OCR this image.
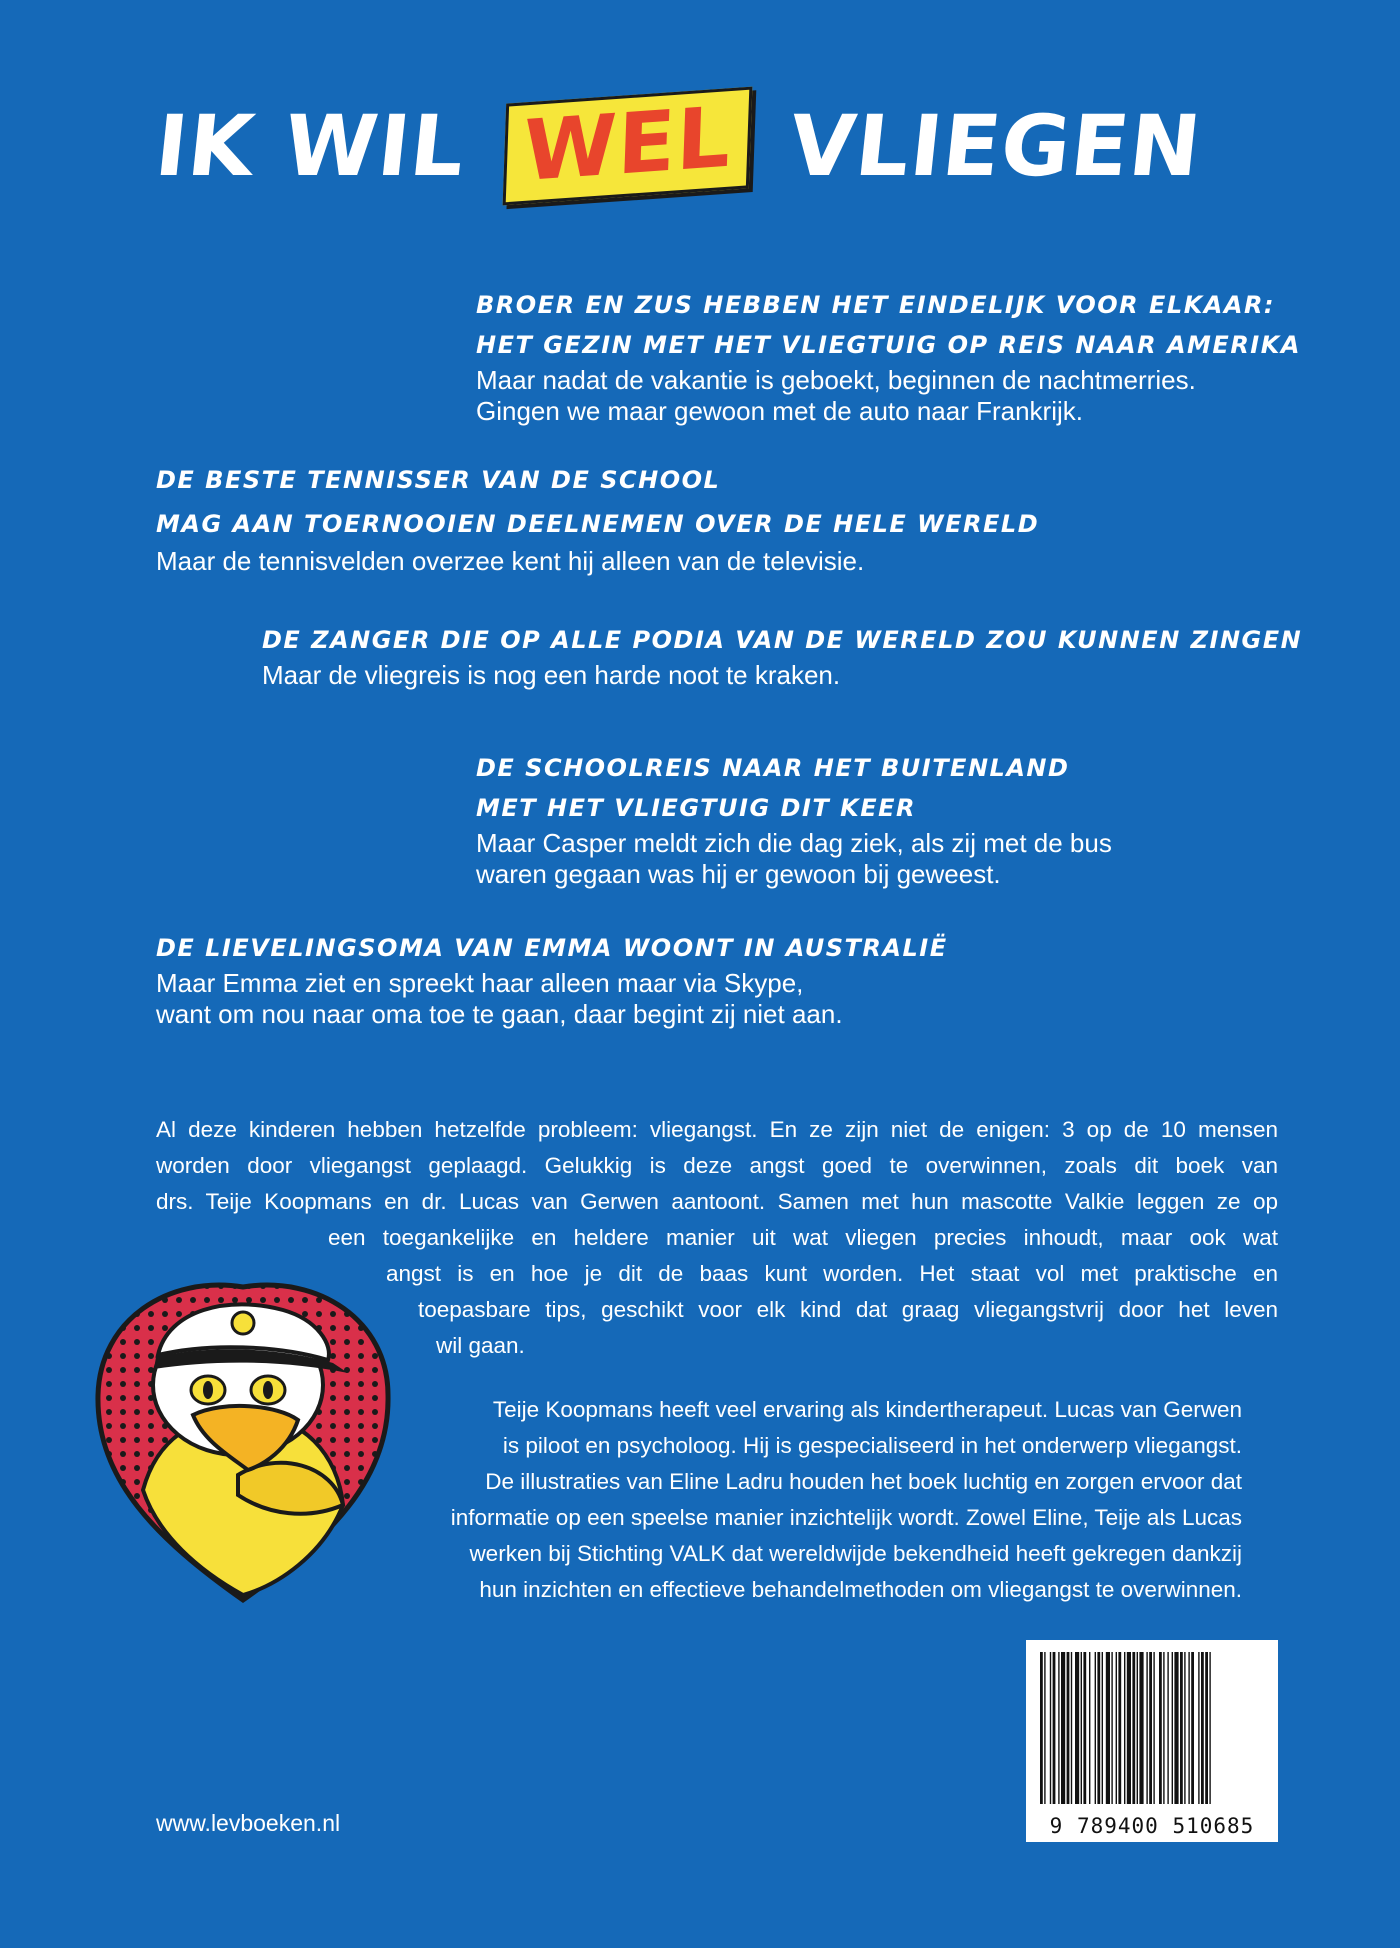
IK WIL WEL VLIEGEN
BROER EN ZUS HEBBEN HET EINDELIJK VOOR ELKAAR:
HET GEZIN MET HET VLIEGTUIG OP REIS NAAR AMERIKA
Maar nadat de vakantie is geboekt, beginnen de nachtmerries.
Gingen we maar gewoon met de auto naar Frankrijk.
DE BESTE TENNISSER VAN DE SCHOOL
MAG AAN TOERNOOIEN DEELNEMEN OVER DE HELE WERELD
Maar de tennisvelden overzee kent hij alleen van de televisie.
DE ZANGER DIE OP ALLE PODIA VAN DE WERELD ZOU KUNNEN ZINGEN
Maar de vliegreis is nog een harde noot te kraken.
DE SCHOOLREIS NAAR HET BUITENLAND
MET HET VLIEGTUIG DIT KEER
Maar Casper meldt zich die dag ziek, als zij met de bus
waren gegaan was hij er gewoon bij geweest.
DE LIEVELINGSOMA VAN EMMA WOONT IN AUSTRALIË
Maar Emma ziet en spreekt haar alleen maar via Skype,
want om nou naar oma toe te gaan, daar begint zij niet aan.
Al deze kinderen hebben hetzelfde probleem: vliegangst. En ze zijn niet de enigen: 3 op de 10 mensen
worden door vliegangst geplaagd. Gelukkig is deze angst goed te overwinnen, zoals dit boek van
drs. Teije Koopmans en dr. Lucas van Gerwen aantoont. Samen met hun mascotte Valkie leggen ze op
een toegankelijke en heldere manier uit wat vliegen precies inhoudt, maar ook wat
angst is en hoe je dit de baas kunt worden. Het staat vol met praktische en
toepasbare tips, geschikt voor elk kind dat graag vliegangstvrij door het leven
wil gaan.
Teije Koopmans heeft veel ervaring als kindertherapeut. Lucas van Gerwen
is piloot en psycholoog. Hij is gespecialiseerd in het onderwerp vliegangst.
De illustraties van Eline Ladru houden het boek luchtig en zorgen ervoor dat
informatie op een speelse manier inzichtelijk wordt. Zowel Eline, Teije als Lucas
werken bij Stichting VALK dat wereldwijde bekendheid heeft gekregen dankzij
hun inzichten en effectieve behandelmethoden om vliegangst te overwinnen.
www.levboeken.nl	9 789400 510685
